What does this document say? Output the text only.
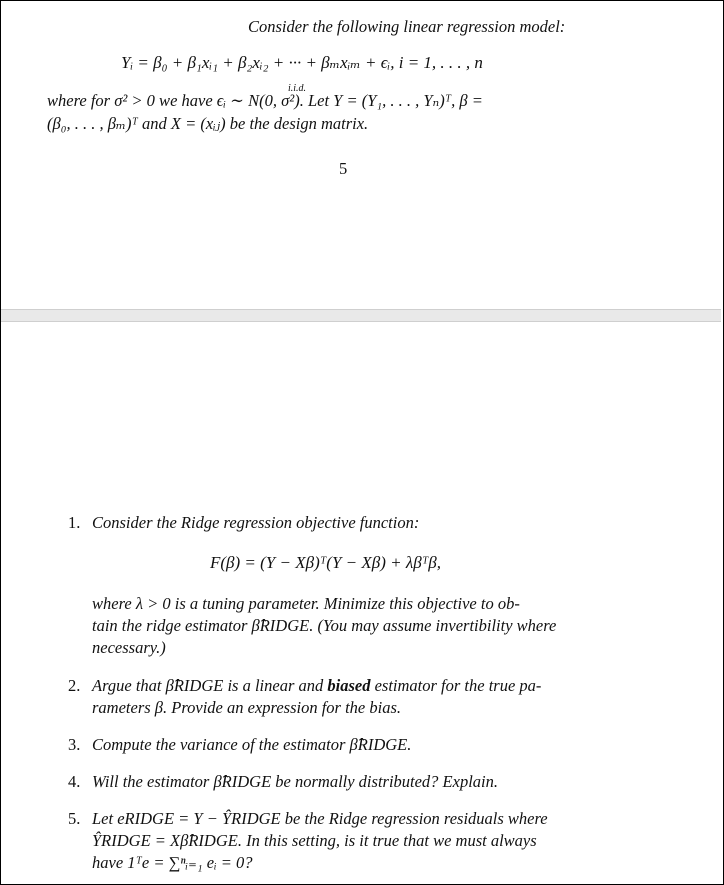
Consider the following linear regression model:
Yᵢ = β₀ + β₁xᵢ₁ + β₂xᵢ₂ + ··· + βₘxᵢₘ + ϵᵢ, i = 1, . . . , n
where for σ² > 0 we have ϵᵢ ∼ N(0, σ²). Let Y = (Y₁, . . . , Yₙ)ᵀ, β =
i.i.d.
(β₀, . . . , βₘ)ᵀ and X = (xᵢⱼ) be the design matrix.
5
1. Consider the Ridge regression objective function:
F(β) = (Y − Xβ)ᵀ(Y − Xβ) + λβᵀβ,
where λ > 0 is a tuning parameter. Minimize this objective to ob-
tain the ridge estimator β̂RIDGE. (You may assume invertibility where
necessary.)
2. Argue that β̂RIDGE is a linear and biased estimator for the true pa-
rameters β. Provide an expression for the bias.
3. Compute the variance of the estimator β̂RIDGE.
4. Will the estimator β̂RIDGE be normally distributed? Explain.
5. Let eRIDGE = Y − ŶRIDGE be the Ridge regression residuals where
ŶRIDGE = Xβ̂RIDGE. In this setting, is it true that we must always
have 1ᵀe = ∑ⁿᵢ₌₁ eᵢ = 0?
